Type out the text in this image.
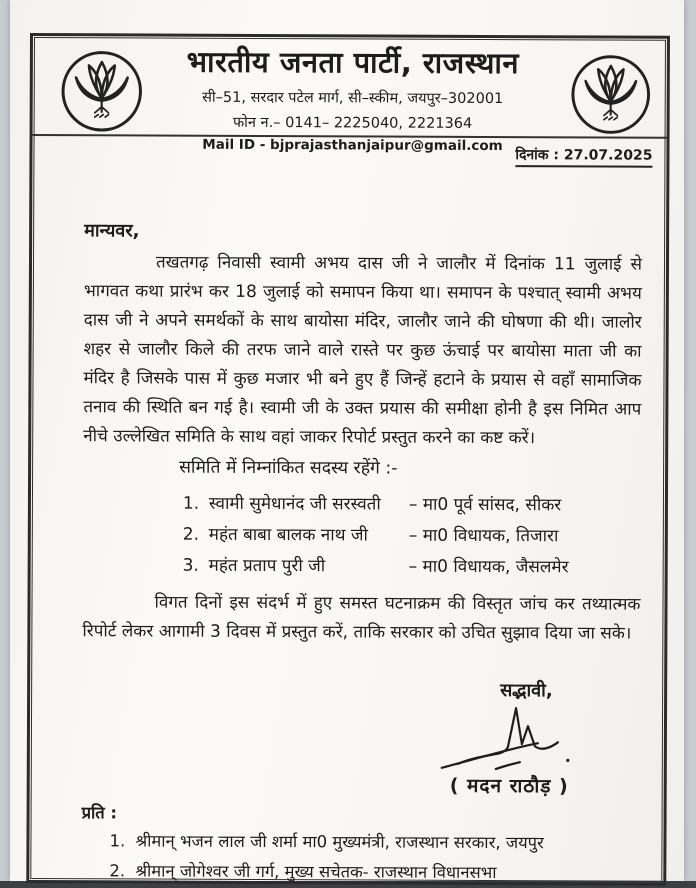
भारतीय जनता पार्टी, राजस्थान
सी–51, सरदार पटेल मार्ग, सी–स्कीम, जयपुर–302001
फोन न.– 0141– 2225040, 2221364
Mail ID - bjprajasthanjaipur@gmail.com
दिनांक : 27.07.2025
मान्यवर,
तखतगढ़ निवासी स्वामी अभय दास जी ने जालौर में दिनांक 11 जुलाई से भागवत कथा प्रारंभ कर 18 जुलाई को समापन किया था। समापन के पश्चात् स्वामी अभय दास जी ने अपने समर्थकों के साथ बायोसा मंदिर, जालौर जाने की घोषणा की थी। जालोर शहर से जालौर किले की तरफ जाने वाले रास्ते पर कुछ ऊंचाई पर बायोसा माता जी का मंदिर है जिसके पास में कुछ मजार भी बने हुए हैं जिन्हें हटाने के प्रयास से वहाँ सामाजिक तनाव की स्थिति बन गई है। स्वामी जी के उक्त प्रयास की समीक्षा होनी है इस निमित आप नीचे उल्लेखित समिति के साथ वहां जाकर रिपोर्ट प्रस्तुत करने का कष्ट करें।
समिति में निम्नांकित सदस्य रहेंगे :-
1. स्वामी सुमेधानंद जी सरस्वती	– मा0 पूर्व सांसद, सीकर
2. महंत बाबा बालक नाथ जी	– मा0 विधायक, तिजारा
3. महंत प्रताप पुरी जी	– मा0 विधायक, जैसलमेर
विगत दिनों इस संदर्भ में हुए समस्त घटनाक्रम की विस्तृत जांच कर तथ्यात्मक रिपोर्ट लेकर आगामी 3 दिवस में प्रस्तुत करें, ताकि सरकार को उचित सुझाव दिया जा सके।
सद्भावी,
( मदन राठौड़ )
प्रति :
1. श्रीमान् भजन लाल जी शर्मा मा0 मुख्यमंत्री, राजस्थान सरकार, जयपुर
2. श्रीमान् जोगेश्वर जी गर्ग, मुख्य सचेतक- राजस्थान विधानसभा
